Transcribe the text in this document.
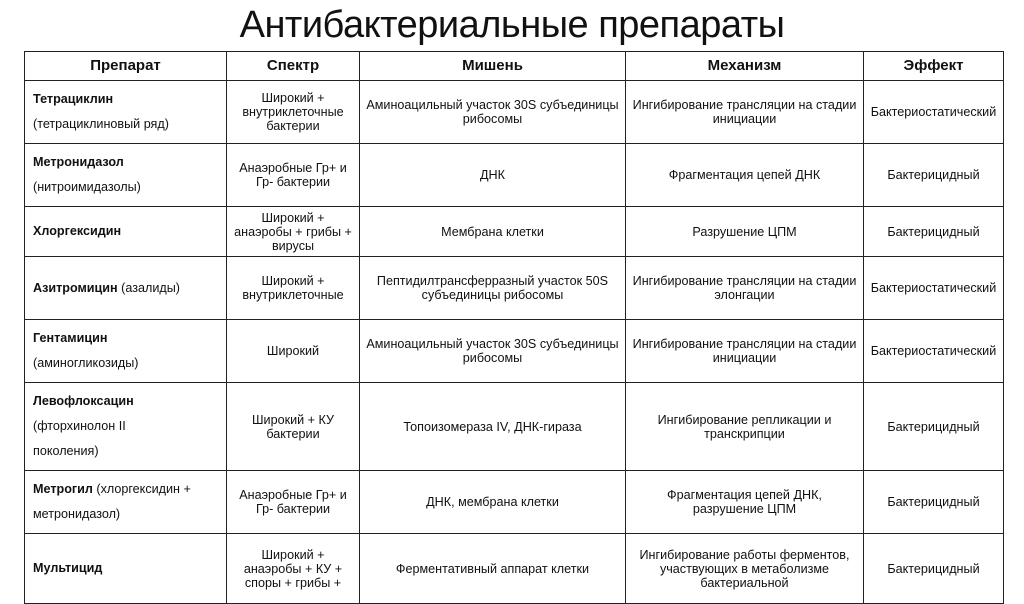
Антибактериальные препараты
Препарат	Спектр	Мишень	Механизм	Эффект
Тетрациклин
(тетрациклиновый ряд)	Широкий + внутриклеточные бактерии	Аминоацильный участок 30S субъединицы рибосомы	Ингибирование трансляции на стадии инициации	Бактериостатический
Метронидазол
(нитроимидазолы)	Анаэробные Гр+ и Гр- бактерии	ДНК	Фрагментация цепей ДНК	Бактерицидный
Хлоргексидин	Широкий + анаэробы + грибы + вирусы	Мембрана клетки	Разрушение ЦПМ	Бактерицидный
Азитромицин (азалиды)	Широкий + внутриклеточные	Пептидилтрансферразный участок 50S субъединицы рибосомы	Ингибирование трансляции на стадии элонгации	Бактериостатический
Гентамицин
(аминогликозиды)	Широкий	Аминоацильный участок 30S субъединицы рибосомы	Ингибирование трансляции на стадии инициации	Бактериостатический
Левофлоксацин
(фторхинолон II
поколения)	Широкий + КУ бактерии	Топоизомераза IV, ДНК-гираза	Ингибирование репликации и транскрипции	Бактерицидный
Метрогил (хлоргексидин +
метронидазол)	Анаэробные Гр+ и Гр- бактерии	ДНК, мембрана клетки	Фрагментация цепей ДНК, разрушение ЦПМ	Бактерицидный
Мультицид	Широкий + анаэробы + КУ + споры + грибы +	Ферментативный аппарат клетки	Ингибирование работы ферментов, участвующих в метаболизме бактериальной	Бактерицидный
